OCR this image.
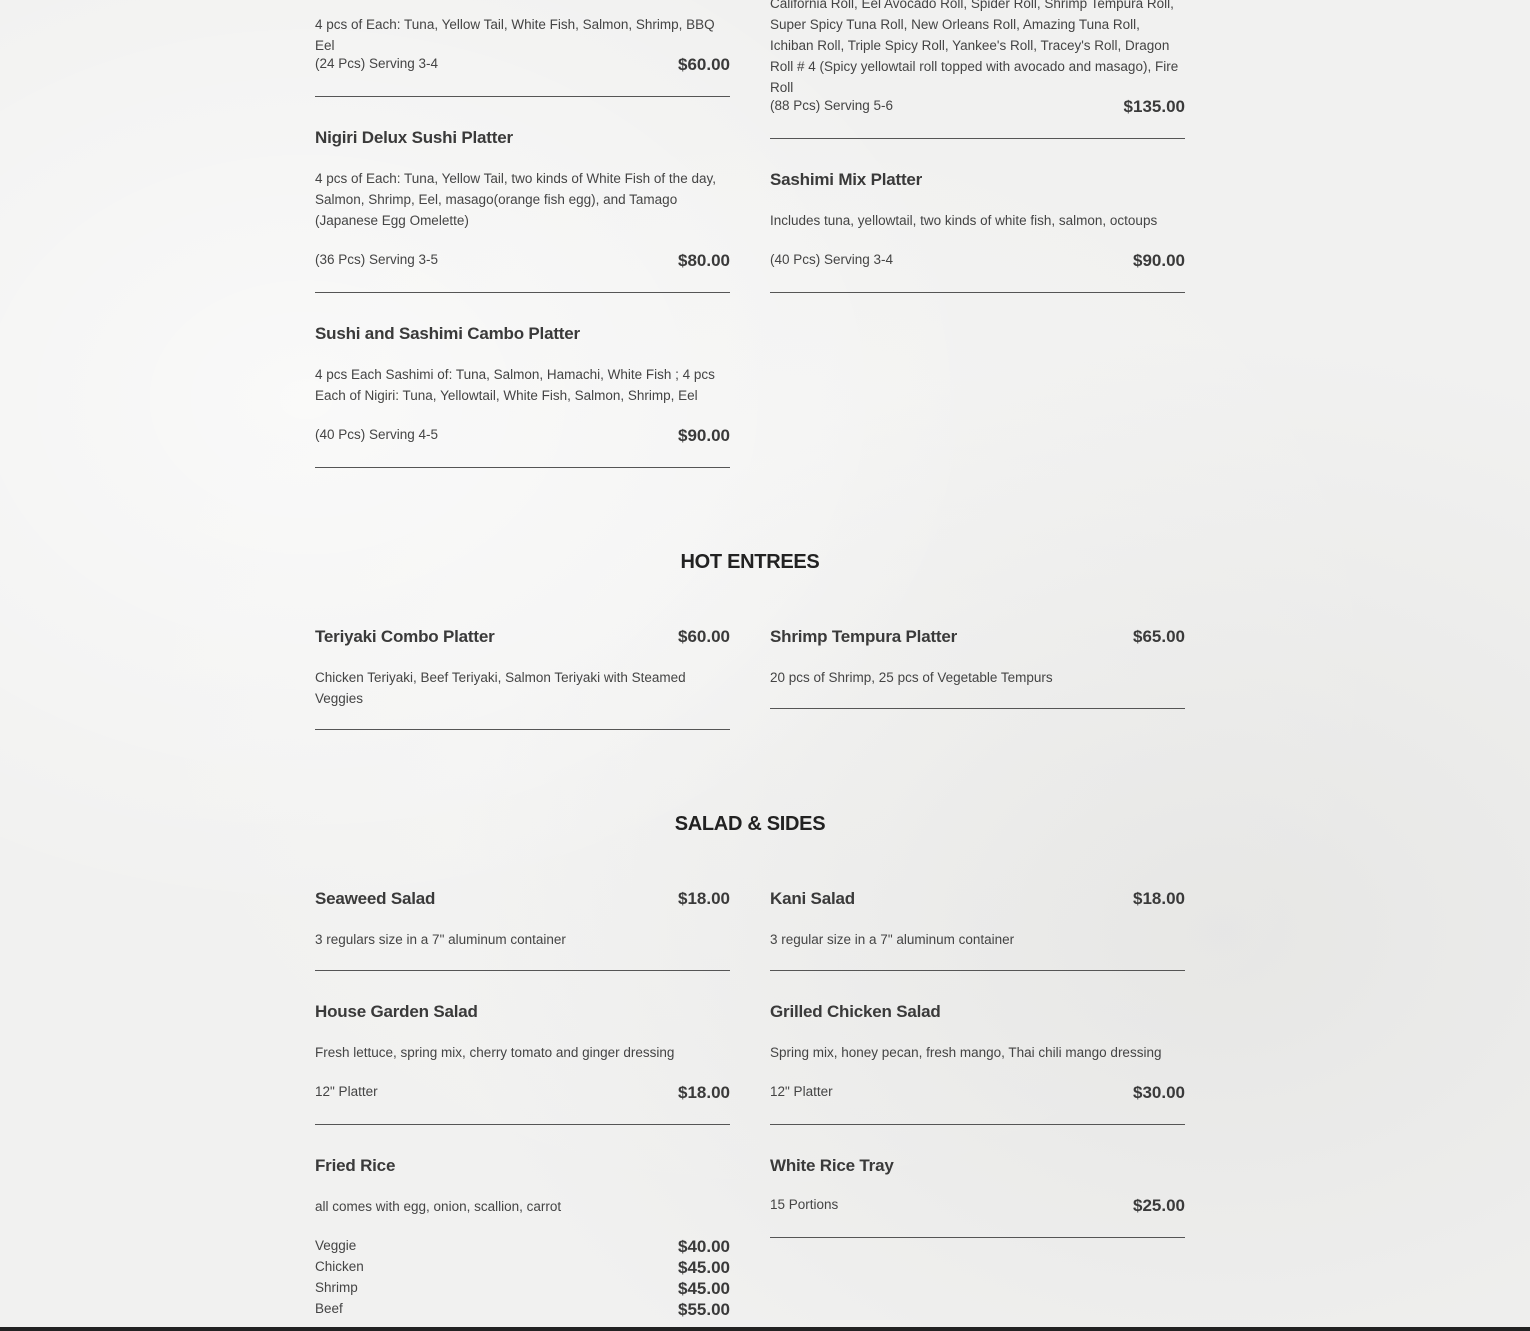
4 pcs of Each: Tuna, Yellow Tail, White Fish, Salmon, Shrimp, BBQ Eel
(24 Pcs) Serving 3-4	$60.00
Nigiri Delux Sushi Platter
4 pcs of Each: Tuna, Yellow Tail, two kinds of White Fish of the day, Salmon, Shrimp, Eel, masago(orange fish egg), and Tamago (Japanese Egg Omelette)
(36 Pcs) Serving 3-5	$80.00
Sushi and Sashimi Cambo Platter
4 pcs Each Sashimi of: Tuna, Salmon, Hamachi, White Fish ; 4 pcs Each of Nigiri: Tuna, Yellowtail, White Fish, Salmon, Shrimp, Eel
(40 Pcs) Serving 4-5	$90.00
California Roll, Eel Avocado Roll, Spider Roll, Shrimp Tempura Roll, Super Spicy Tuna Roll, New Orleans Roll, Amazing Tuna Roll, Ichiban Roll, Triple Spicy Roll, Yankee's Roll, Tracey's Roll, Dragon Roll # 4 (Spicy yellowtail roll topped with avocado and masago), Fire Roll
(88 Pcs) Serving 5-6	$135.00
Sashimi Mix Platter
Includes tuna, yellowtail, two kinds of white fish, salmon, octoups
(40 Pcs) Serving 3-4	$90.00
HOT ENTREES
Teriyaki Combo Platter	$60.00
Chicken Teriyaki, Beef Teriyaki, Salmon Teriyaki with Steamed Veggies
Shrimp Tempura Platter	$65.00
20 pcs of Shrimp, 25 pcs of Vegetable Tempurs
SALAD & SIDES
Seaweed Salad	$18.00
3 regulars size in a 7" aluminum container
Kani Salad	$18.00
3 regular size in a 7" aluminum container
House Garden Salad
Fresh lettuce, spring mix, cherry tomato and ginger dressing
12" Platter	$18.00
Grilled Chicken Salad
Spring mix, honey pecan, fresh mango, Thai chili mango dressing
12" Platter	$30.00
Fried Rice
all comes with egg, onion, scallion, carrot
Veggie	$40.00
Chicken	$45.00
Shrimp	$45.00
Beef	$55.00
White Rice Tray
15 Portions	$25.00
